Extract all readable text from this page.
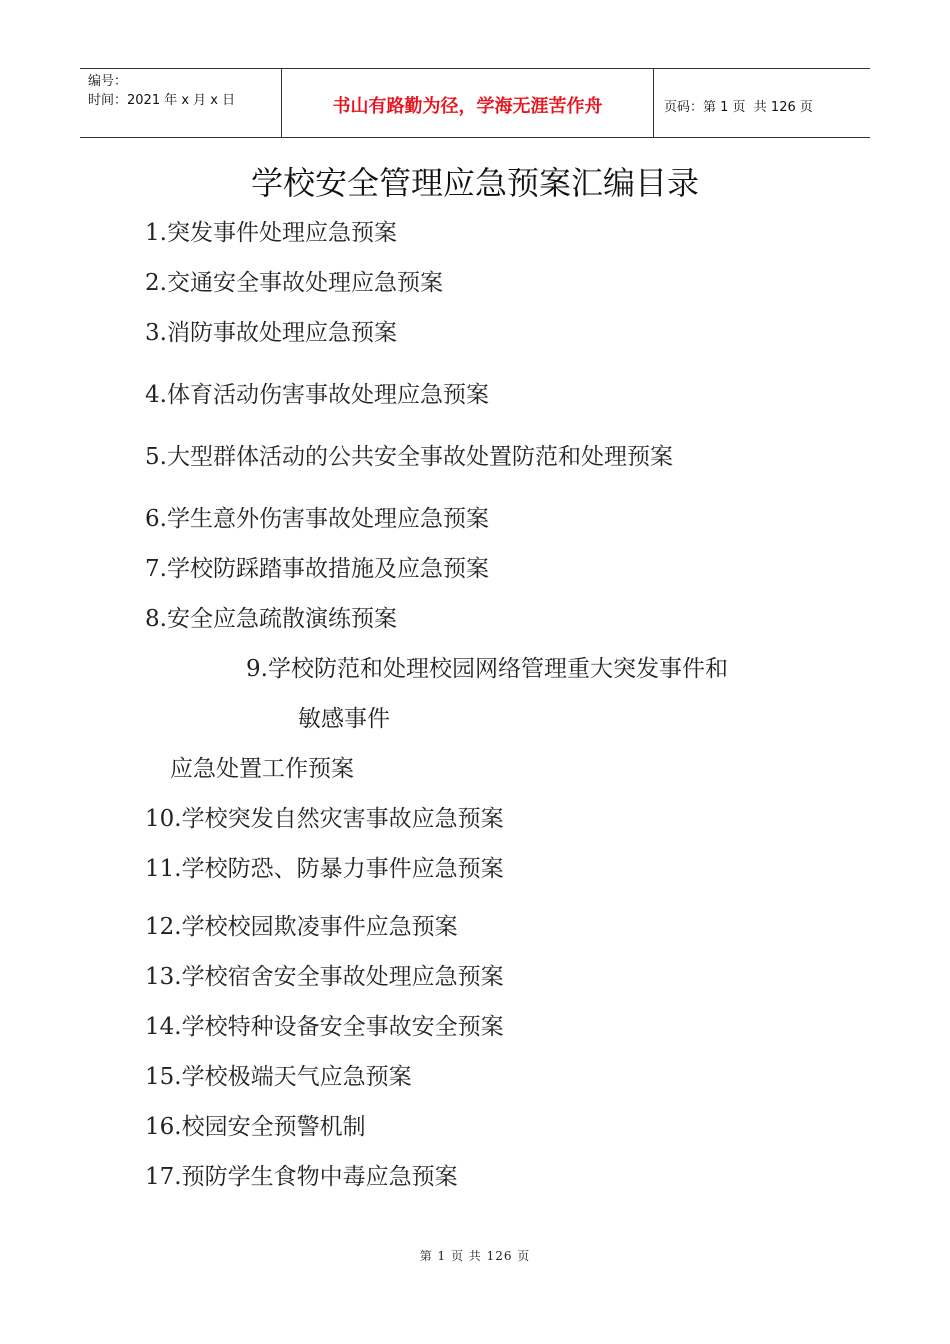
编号：
时间：2021 年 x 月 x 日	书山有路勤为径，学海无涯苦作舟	页码：第 1 页  共 126 页
学校安全管理应急预案汇编目录
1.突发事件处理应急预案
2.交通安全事故处理应急预案
3.消防事故处理应急预案
4.体育活动伤害事故处理应急预案
5.大型群体活动的公共安全事故处置防范和处理预案
6.学生意外伤害事故处理应急预案
7.学校防踩踏事故措施及应急预案
8.安全应急疏散演练预案
9.学校防范和处理校园网络管理重大突发事件和
敏感事件
应急处置工作预案
10.学校突发自然灾害事故应急预案
11.学校防恐、防暴力事件应急预案
12.学校校园欺凌事件应急预案
13.学校宿舍安全事故处理应急预案
14.学校特种设备安全事故安全预案
15.学校极端天气应急预案
16.校园安全预警机制
17.预防学生食物中毒应急预案
第 1 页 共 126 页
